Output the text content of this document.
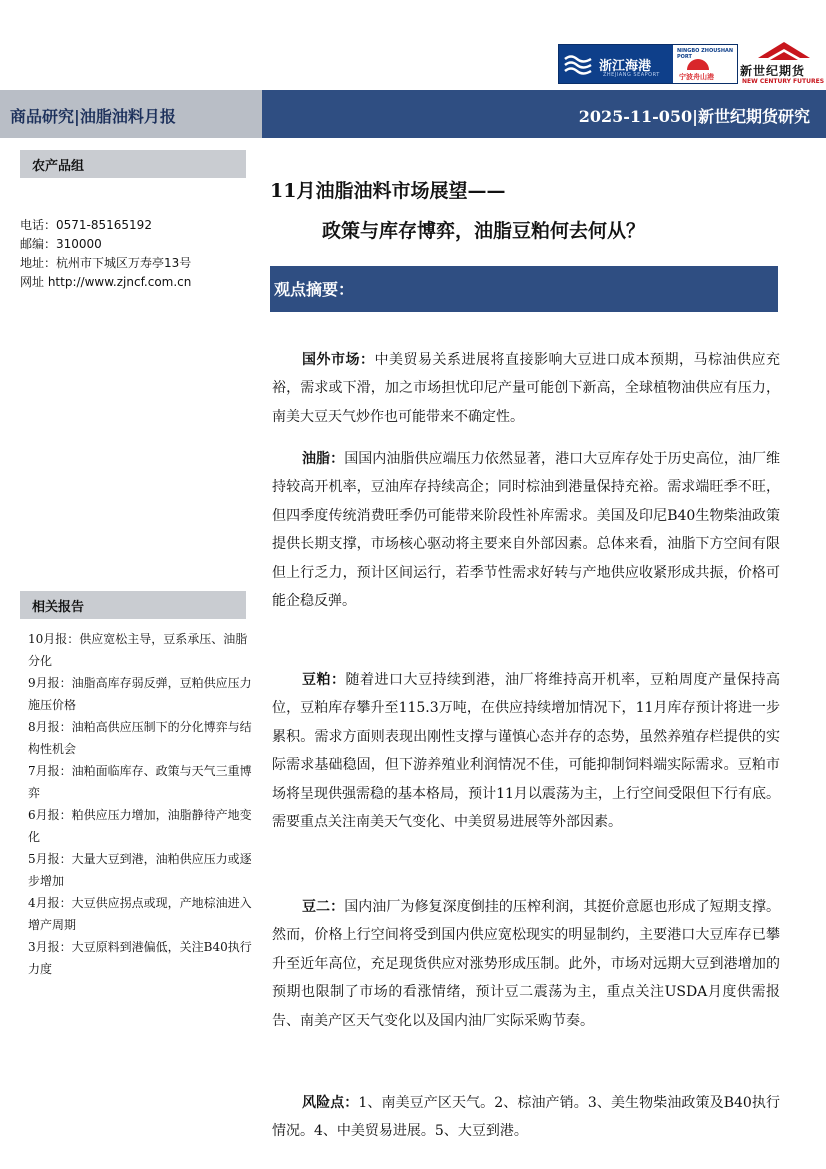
浙江海港
ZHEJIANG SEAPORT
NINGBO ZHOUSHAN PORT
宁波舟山港 新世纪期货
NEW CENTURY FUTURES
商品研究|油脂油料月报	2025-11-050|新世纪期货研究
农产品组
电话：0571-85165192
邮编：310000
地址：杭州市下城区万寿亭13号
网址 http://www.zjncf.com.cn
相关报告
10月报：供应宽松主导，豆系承压、油脂分化
9月报：油脂高库存弱反弹，豆粕供应压力施压价格
8月报：油粕高供应压制下的分化博弈与结构性机会
7月报：油粕面临库存、政策与天气三重博弈
6月报：粕供应压力增加，油脂静待产地变化
5月报：大量大豆到港，油粕供应压力或逐步增加
4月报：大豆供应拐点或现，产地棕油进入增产周期
3月报：大豆原料到港偏低，关注B40执行力度
11月油脂油料市场展望——
政策与库存博弈，油脂豆粕何去何从？
观点摘要：

国外市场：中美贸易关系进展将直接影响大豆进口成本预期，马棕油供应充裕，需求或下滑，加之市场担忧印尼产量可能创下新高，全球植物油供应有压力，南美大豆天气炒作也可能带来不确定性。

油脂：国国内油脂供应端压力依然显著，港口大豆库存处于历史高位，油厂维持较高开机率，豆油库存持续高企；同时棕油到港量保持充裕。需求端旺季不旺，但四季度传统消费旺季仍可能带来阶段性补库需求。美国及印尼B40生物柴油政策提供长期支撑，市场核心驱动将主要来自外部因素。总体来看，油脂下方空间有限但上行乏力，预计区间运行，若季节性需求好转与产地供应收紧形成共振，价格可能企稳反弹。

豆粕：随着进口大豆持续到港，油厂将维持高开机率，豆粕周度产量保持高位，豆粕库存攀升至115.3万吨，在供应持续增加情况下，11月库存预计将进一步累积。需求方面则表现出刚性支撑与谨慎心态并存的态势，虽然养殖存栏提供的实际需求基础稳固，但下游养殖业利润情况不佳，可能抑制饲料端实际需求。豆粕市场将呈现供强需稳的基本格局，预计11月以震荡为主，上行空间受限但下行有底。需要重点关注南美天气变化、中美贸易进展等外部因素。

豆二：国内油厂为修复深度倒挂的压榨利润，其挺价意愿也形成了短期支撑。然而，价格上行空间将受到国内供应宽松现实的明显制约，主要港口大豆库存已攀升至近年高位，充足现货供应对涨势形成压制。此外，市场对远期大豆到港增加的预期也限制了市场的看涨情绪，预计豆二震荡为主，重点关注USDA月度供需报告、南美产区天气变化以及国内油厂实际采购节奏。

风险点：1、南美豆产区天气。2、棕油产销。3、美生物柴油政策及B40执行情况。4、中美贸易进展。5、大豆到港。
